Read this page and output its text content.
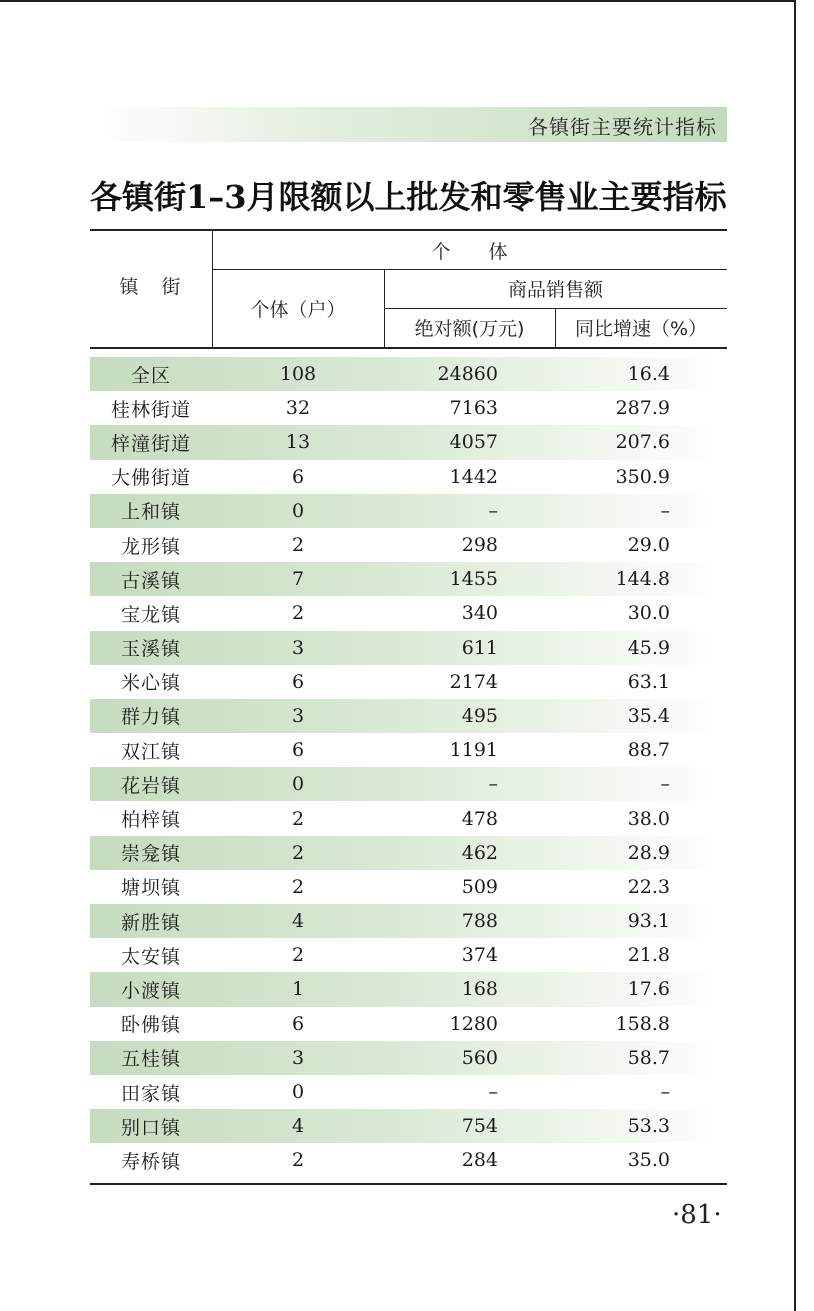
各镇街主要统计指标
各镇街1–3月限额以上批发和零售业主要指标
镇　街
个　　体
个体（户）
商品销售额
绝对额(万元)	同比增速（%）
全区	108	24860	16.4
桂林街道	32	7163	287.9
梓潼街道	13	4057	207.6
大佛街道	6	1442	350.9
上和镇	0	–	–
龙形镇	2	298	29.0
古溪镇	7	1455	144.8
宝龙镇	2	340	30.0
玉溪镇	3	611	45.9
米心镇	6	2174	63.1
群力镇	3	495	35.4
双江镇	6	1191	88.7
花岩镇	0	–	–
柏梓镇	2	478	38.0
崇龛镇	2	462	28.9
塘坝镇	2	509	22.3
新胜镇	4	788	93.1
太安镇	2	374	21.8
小渡镇	1	168	17.6
卧佛镇	6	1280	158.8
五桂镇	3	560	58.7
田家镇	0	–	–
别口镇	4	754	53.3
寿桥镇	2	284	35.0
·81·
